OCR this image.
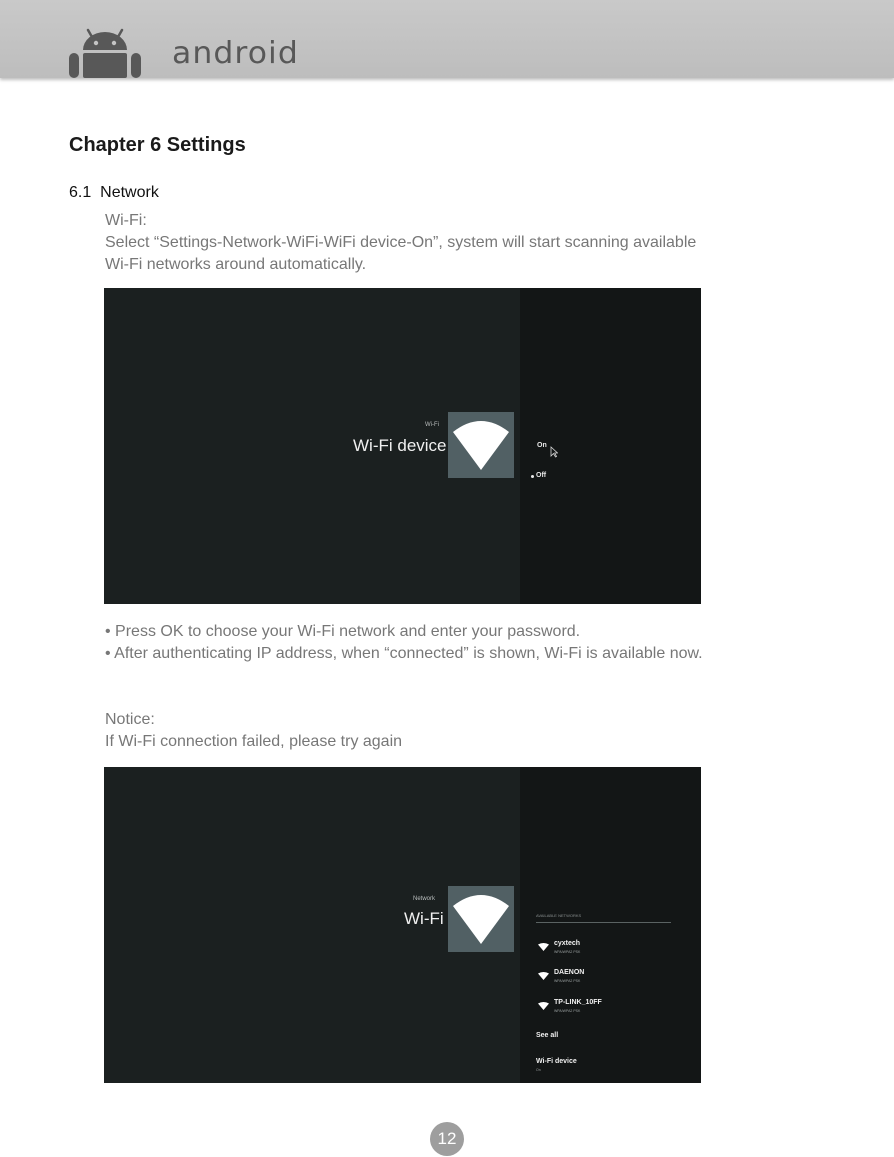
android
Chapter 6 Settings
6.1 Network
Wi-Fi:
Select “Settings-Network-WiFi-WiFi device-On”, system will start scanning available
Wi-Fi networks around automatically.
Wi-Fi
Wi-Fi device	On
Off
• Press OK to choose your Wi-Fi network and enter your password.
• After authenticating IP address, when “connected” is shown, Wi-Fi is available now.
Notice:
If Wi-Fi connection failed, please try again
Network
Wi-Fi	AVAILABLE NETWORKS
cyxtech
WPA/WPA2 PSK
DAENON
WPA/WPA2 PSK
TP-LINK_10FF
WPA/WPA2 PSK
See all
Wi-Fi device
On
12
